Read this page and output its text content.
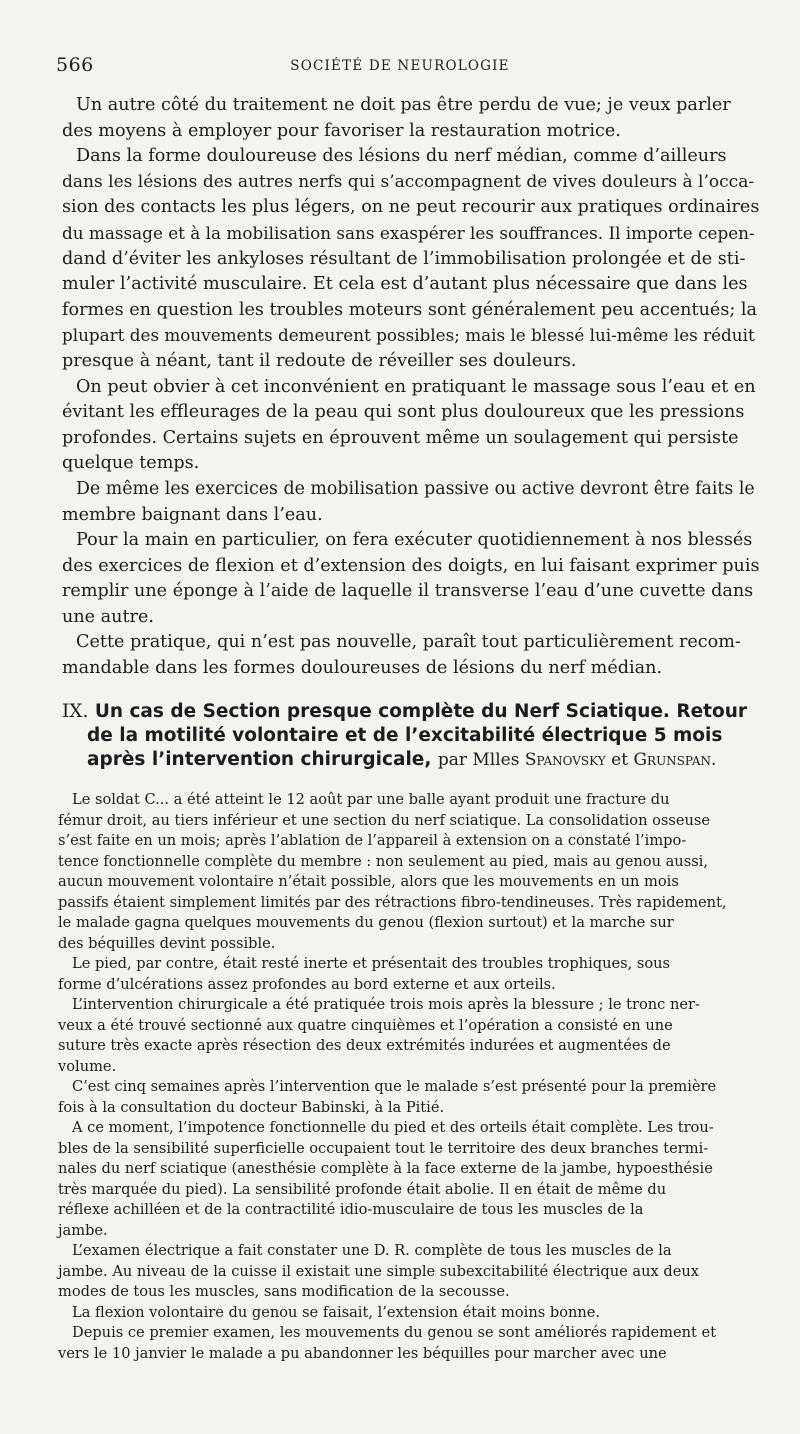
566	SOCIÉTÉ DE NEUROLOGIE
Un autre côté du traitement ne doit pas être perdu de vue; je veux parler
des moyens à employer pour favoriser la restauration motrice.
Dans la forme douloureuse des lésions du nerf médian, comme d’ailleurs
dans les lésions des autres nerfs qui s’accompagnent de vives douleurs à l’occa-
sion des contacts les plus légers, on ne peut recourir aux pratiques ordinaires
du massage et à la mobilisation sans exaspérer les souffrances. Il importe cepen-
dand d’éviter les ankyloses résultant de l’immobilisation prolongée et de sti-
muler l’activité musculaire. Et cela est d’autant plus nécessaire que dans les
formes en question les troubles moteurs sont généralement peu accentués; la
plupart des mouvements demeurent possibles; mais le blessé lui-même les réduit
presque à néant, tant il redoute de réveiller ses douleurs.
On peut obvier à cet inconvénient en pratiquant le massage sous l’eau et en
évitant les effleurages de la peau qui sont plus douloureux que les pressions
profondes. Certains sujets en éprouvent même un soulagement qui persiste
quelque temps.
De même les exercices de mobilisation passive ou active devront être faits le
membre baignant dans l’eau.
Pour la main en particulier, on fera exécuter quotidiennement à nos blessés
des exercices de flexion et d’extension des doigts, en lui faisant exprimer puis
remplir une éponge à l’aide de laquelle il transverse l’eau d’une cuvette dans
une autre.
Cette pratique, qui n’est pas nouvelle, paraît tout particulièrement recom-
mandable dans les formes douloureuses de lésions du nerf médian.
IX. Un cas de Section presque complète du Nerf Sciatique. Retour
de la motilité volontaire et de l’excitabilité électrique 5 mois
après l’intervention chirurgicale, par Mlles Spanovsky et Grunspan.
Le soldat C... a été atteint le 12 août par une balle ayant produit une fracture du
fémur droit, au tiers inférieur et une section du nerf sciatique. La consolidation osseuse
s’est faite en un mois; après l’ablation de l’appareil à extension on a constaté l’impo-
tence fonctionnelle complète du membre : non seulement au pied, mais au genou aussi,
aucun mouvement volontaire n’était possible, alors que les mouvements en un mois
passifs étaient simplement limités par des rétractions fibro-tendineuses. Très rapidement,
le malade gagna quelques mouvements du genou (flexion surtout) et la marche sur
des béquilles devint possible.
Le pied, par contre, était resté inerte et présentait des troubles trophiques, sous
forme d’ulcérations assez profondes au bord externe et aux orteils.
L’intervention chirurgicale a été pratiquée trois mois après la blessure ; le tronc ner-
veux a été trouvé sectionné aux quatre cinquièmes et l’opération a consisté en une
suture très exacte après résection des deux extrémités indurées et augmentées de
volume.
C’est cinq semaines après l’intervention que le malade s’est présenté pour la première
fois à la consultation du docteur Babinski, à la Pitié.
A ce moment, l’impotence fonctionnelle du pied et des orteils était complète. Les trou-
bles de la sensibilité superficielle occupaient tout le territoire des deux branches termi-
nales du nerf sciatique (anesthésie complète à la face externe de la jambe, hypoesthésie
très marquée du pied). La sensibilité profonde était abolie. Il en était de même du
réflexe achilléen et de la contractilité idio-musculaire de tous les muscles de la
jambe.
L’examen électrique a fait constater une D. R. complète de tous les muscles de la
jambe. Au niveau de la cuisse il existait une simple subexcitabilité électrique aux deux
modes de tous les muscles, sans modification de la secousse.
La flexion volontaire du genou se faisait, l’extension était moins bonne.
Depuis ce premier examen, les mouvements du genou se sont améliorés rapidement et
vers le 10 janvier le malade a pu abandonner les béquilles pour marcher avec une
